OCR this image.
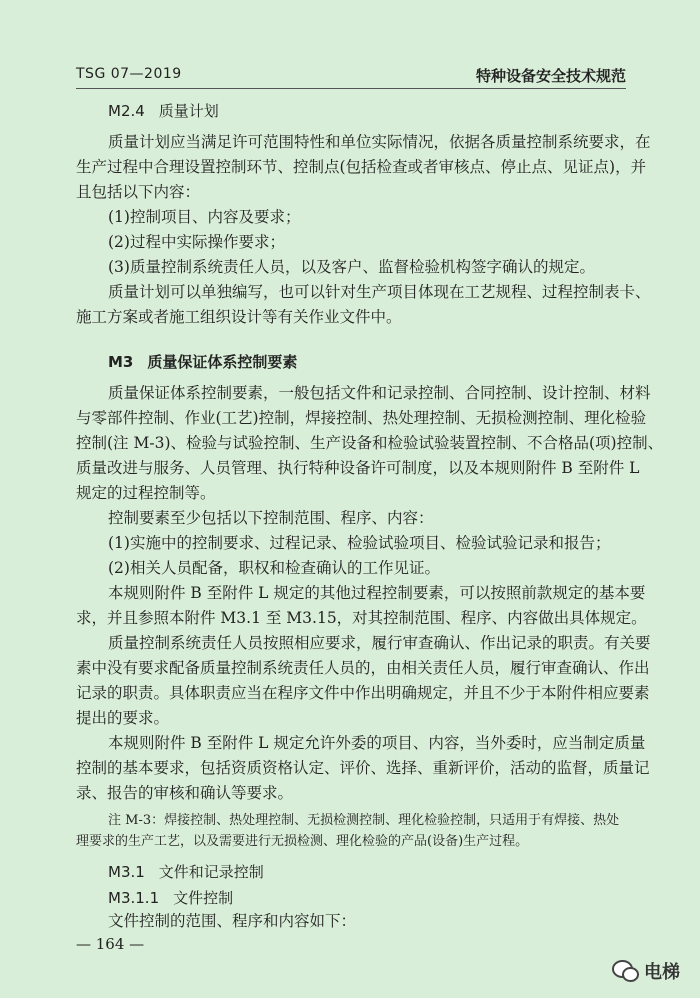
TSG 07—2019	特种设备安全技术规范
M2.4 质量计划
质量计划应当满足许可范围特性和单位实际情况，依据各质量控制系统要求，在
生产过程中合理设置控制环节、控制点(包括检查或者审核点、停止点、见证点)，并
且包括以下内容：
(1)控制项目、内容及要求；
(2)过程中实际操作要求；
(3)质量控制系统责任人员，以及客户、监督检验机构签字确认的规定。
质量计划可以单独编写，也可以针对生产项目体现在工艺规程、过程控制表卡、
施工方案或者施工组织设计等有关作业文件中。
M3 质量保证体系控制要素
质量保证体系控制要素，一般包括文件和记录控制、合同控制、设计控制、材料
与零部件控制、作业(工艺)控制，焊接控制、热处理控制、无损检测控制、理化检验
控制(注 M-3)、检验与试验控制、生产设备和检验试验装置控制、不合格品(项)控制、
质量改进与服务、人员管理、执行特种设备许可制度，以及本规则附件 B 至附件 L
规定的过程控制等。
控制要素至少包括以下控制范围、程序、内容：
(1)实施中的控制要求、过程记录、检验试验项目、检验试验记录和报告；
(2)相关人员配备，职权和检查确认的工作见证。
本规则附件 B 至附件 L 规定的其他过程控制要素，可以按照前款规定的基本要
求，并且参照本附件 M3.1 至 M3.15，对其控制范围、程序、内容做出具体规定。
质量控制系统责任人员按照相应要求，履行审查确认、作出记录的职责。有关要
素中没有要求配备质量控制系统责任人员的，由相关责任人员，履行审查确认、作出
记录的职责。具体职责应当在程序文件中作出明确规定，并且不少于本附件相应要素
提出的要求。
本规则附件 B 至附件 L 规定允许外委的项目、内容，当外委时，应当制定质量
控制的基本要求，包括资质资格认定、评价、选择、重新评价，活动的监督，质量记
录、报告的审核和确认等要求。
注 M-3：焊接控制、热处理控制、无损检测控制、理化检验控制，只适用于有焊接、热处
理要求的生产工艺，以及需要进行无损检测、理化检验的产品(设备)生产过程。
M3.1 文件和记录控制
M3.1.1 文件控制
文件控制的范围、程序和内容如下：
— 164 —
电梯
